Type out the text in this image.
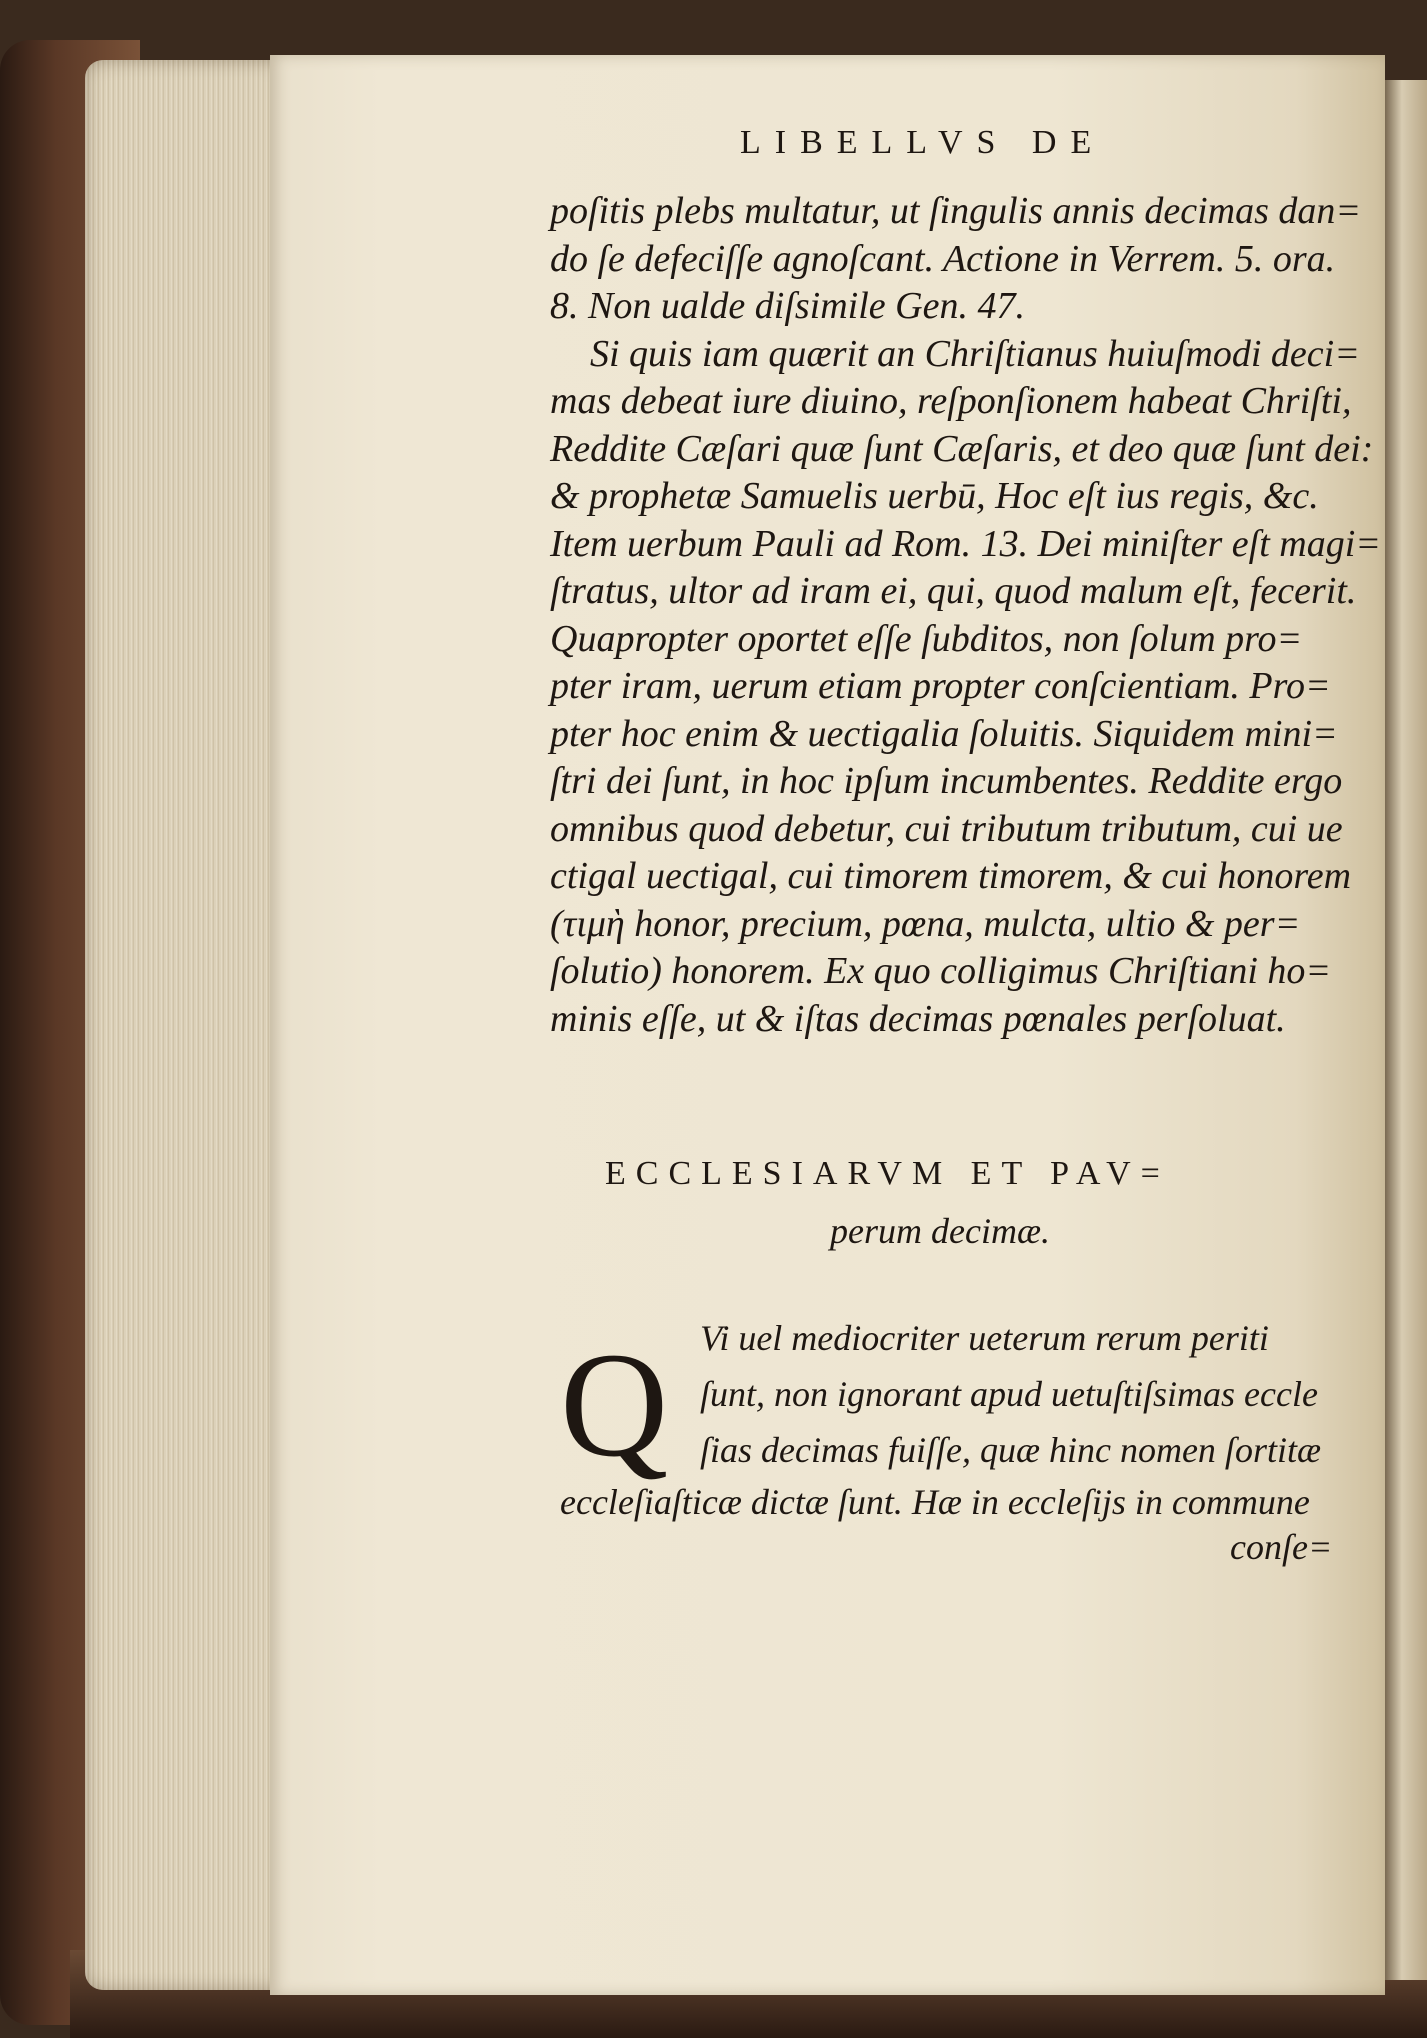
LIBELLVS DE
poſitis plebs multatur, ut ſingulis annis decimas dan=
do ſe defeciſſe agnoſcant. Actione in Verrem. 5. ora.
8. Non ualde diſsimile Gen. 47.
Si quis iam quærit an Chriſtianus huiuſmodi deci=
mas debeat iure diuino, reſponſionem habeat Chriſti,
Reddite Cæſari quæ ſunt Cæſaris, et deo quæ ſunt dei:
& prophetæ Samuelis uerbū, Hoc eſt ius regis, &c.
Item uerbum Pauli ad Rom. 13. Dei miniſter eſt magi=
ſtratus, ultor ad iram ei, qui, quod malum eſt, fecerit.
Quapropter oportet eſſe ſubditos, non ſolum pro=
pter iram, uerum etiam propter conſcientiam. Pro=
pter hoc enim & uectigalia ſoluitis. Siquidem mini=
ſtri dei ſunt, in hoc ipſum incumbentes. Reddite ergo
omnibus quod debetur, cui tributum tributum, cui ue
ctigal uectigal, cui timorem timorem, & cui honorem
(τιμὴ honor, precium, pœna, mulcta, ultio & per=
ſolutio) honorem. Ex quo colligimus Chriſtiani ho=
minis eſſe, ut & iſtas decimas pœnales perſoluat.
ECCLESIARVM ET PAV=
perum decimæ.
Q Vi uel mediocriter ueterum rerum periti
ſunt, non ignorant apud uetuſtiſsimas eccle
ſias decimas fuiſſe, quæ hinc nomen ſortitæ
eccleſiaſticæ dictæ ſunt. Hæ in eccleſijs in commune
conſe=
